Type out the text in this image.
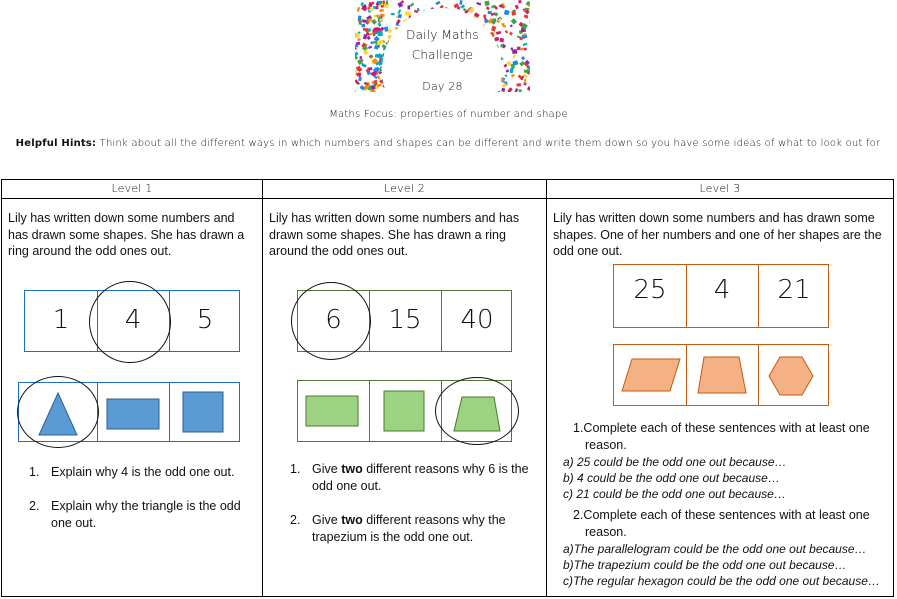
Daily Maths
Challenge
Day 28
Maths Focus: properties of number and shape
Helpful Hints: Think about all the different ways in which numbers and shapes can be different and write them down so you have some ideas of what to look out for
Level 1
Lily has written down some numbers and has drawn some shapes. She has drawn a ring around the odd ones out.
1	4	5
1. Explain why 4 is the odd one out.
2. Explain why the triangle is the odd one out.
Level 2
Lily has written down some numbers and has drawn some shapes. She has drawn a ring around the odd ones out.
6	15	40
1. Give two different reasons why 6 is the odd one out.
2. Give two different reasons why the trapezium is the odd one out.
Level 3
Lily has written down some numbers and has drawn some shapes. One of her numbers and one of her shapes are the odd one out.
25	4	21
1.Complete each of these sentences with at least one reason.
a) 25 could be the odd one out because…
b) 4 could be the odd one out because…
c) 21 could be the odd one out because…
2.Complete each of these sentences with at least one reason.
a)The parallelogram could be the odd one out because…
b)The trapezium could be the odd one out because…
c)The regular hexagon could be the odd one out because…
